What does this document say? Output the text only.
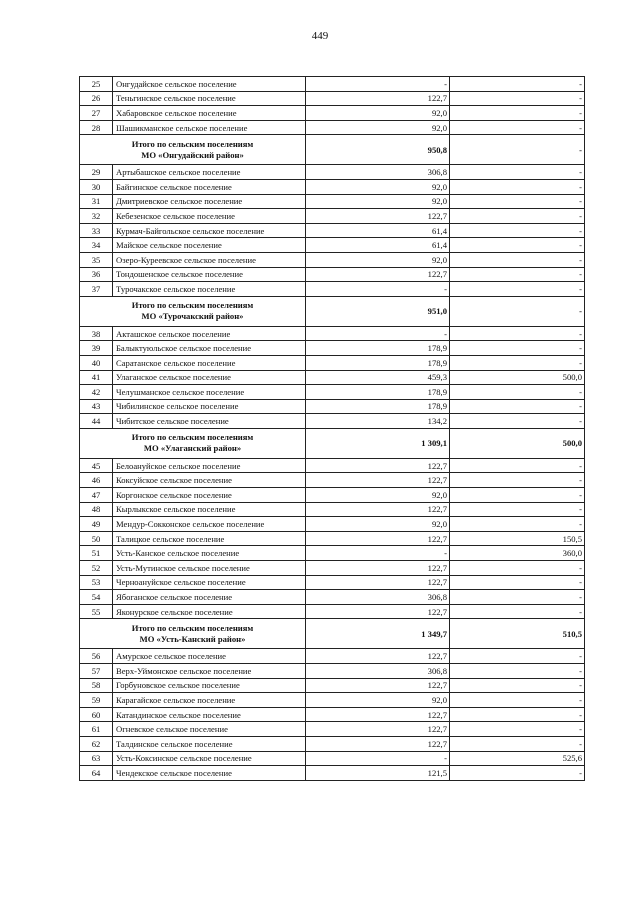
449
25	Онгудайское сельское поселение	-	-
26	Теньгинское сельское поселение	122,7	-
27	Хабаровское сельское поселение	92,0	-
28	Шашикманское сельское поселение	92,0	-
Итого по сельским поселениям
МО «Онгудайский район»		950,8	-
29	Артыбашское сельское поселение	306,8	-
30	Байгинское сельское поселение	92,0	-
31	Дмитриевское сельское поселение	92,0	-
32	Кебезенское сельское поселение	122,7	-
33	Курмач-Байгольское сельское поселение	61,4	-
34	Майское сельское поселение	61,4	-
35	Озеро-Куреевское сельское поселение	92,0	-
36	Тондошенское сельское поселение	122,7	-
37	Турочакское сельское поселение	-	-
Итого по сельским поселениям
МО «Турочакский район»		951,0	-
38	Акташское сельское поселение	-	-
39	Балыктуюльское сельское поселение	178,9	-
40	Саратанское сельское поселение	178,9	-
41	Улаганское сельское поселение	459,3	500,0
42	Челушманское сельское поселение	178,9	-
43	Чибилинское сельское поселение	178,9	-
44	Чибитское сельское поселение	134,2	-
Итого по сельским поселениям
МО «Улаганский район»		1 309,1	500,0
45	Белоануйское сельское поселение	122,7	-
46	Коксуйское сельское поселение	122,7	-
47	Коргонское сельское поселение	92,0	-
48	Кырлыкское сельское поселение	122,7	-
49	Мендур-Сокконское сельское поселение	92,0	-
50	Талицкое сельское поселение	122,7	150,5
51	Усть-Канское сельское поселение	-	360,0
52	Усть-Мутинское сельское поселение	122,7	-
53	Черноануйское сельское поселение	122,7	-
54	Ябоганское сельское поселение	306,8	-
55	Яконурское сельское поселение	122,7	-
Итого по сельским поселениям
МО «Усть-Канский район»		1 349,7	510,5
56	Амурское сельское поселение	122,7	-
57	Верх-Уймонское сельское поселение	306,8	-
58	Горбуновское сельское поселение	122,7	-
59	Карагайское сельское поселение	92,0	-
60	Катандинское сельское поселение	122,7	-
61	Огневское сельское поселение	122,7	-
62	Талдинское сельское поселение	122,7	-
63	Усть-Коксинское сельское поселение	-	525,6
64	Чендекское сельское поселение	121,5	-
